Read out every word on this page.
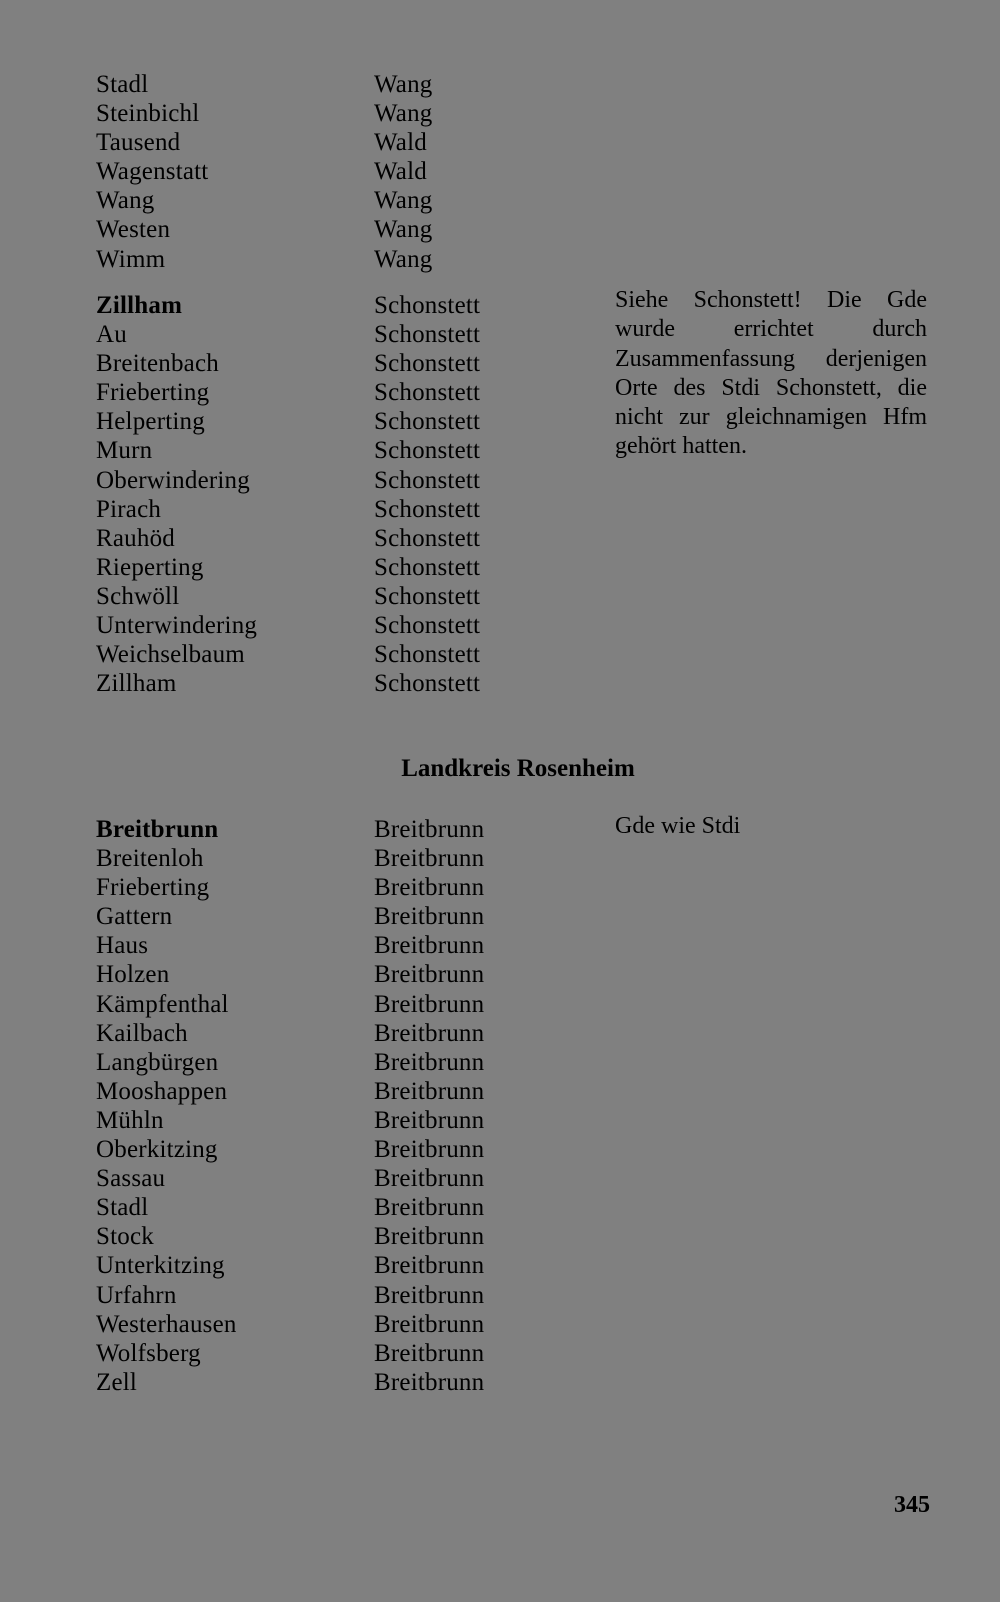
Stadl
Steinbichl
Tausend
Wagenstatt
Wang
Westen
Wimm
Wang
Wang
Wald
Wald
Wang
Wang
Wang
Zillham
Au
Breitenbach
Frieberting
Helperting
Murn
Oberwindering
Pirach
Rauhöd
Rieperting
Schwöll
Unterwindering
Weichselbaum
Zillham
Schonstett
Schonstett
Schonstett
Schonstett
Schonstett
Schonstett
Schonstett
Schonstett
Schonstett
Schonstett
Schonstett
Schonstett
Schonstett
Schonstett
Siehe Schonstett! Die Gde wurde errichtet durch Zusammenfassung derjenigen Orte des Stdi Schonstett, die nicht zur gleichnamigen Hfm gehört hatten.
Landkreis Rosenheim
Breitbrunn
Breitenloh
Frieberting
Gattern
Haus
Holzen
Kämpfenthal
Kailbach
Langbürgen
Mooshappen
Mühln
Oberkitzing
Sassau
Stadl
Stock
Unterkitzing
Urfahrn
Westerhausen
Wolfsberg
Zell
Breitbrunn
Breitbrunn
Breitbrunn
Breitbrunn
Breitbrunn
Breitbrunn
Breitbrunn
Breitbrunn
Breitbrunn
Breitbrunn
Breitbrunn
Breitbrunn
Breitbrunn
Breitbrunn
Breitbrunn
Breitbrunn
Breitbrunn
Breitbrunn
Breitbrunn
Breitbrunn
Gde wie Stdi
345
